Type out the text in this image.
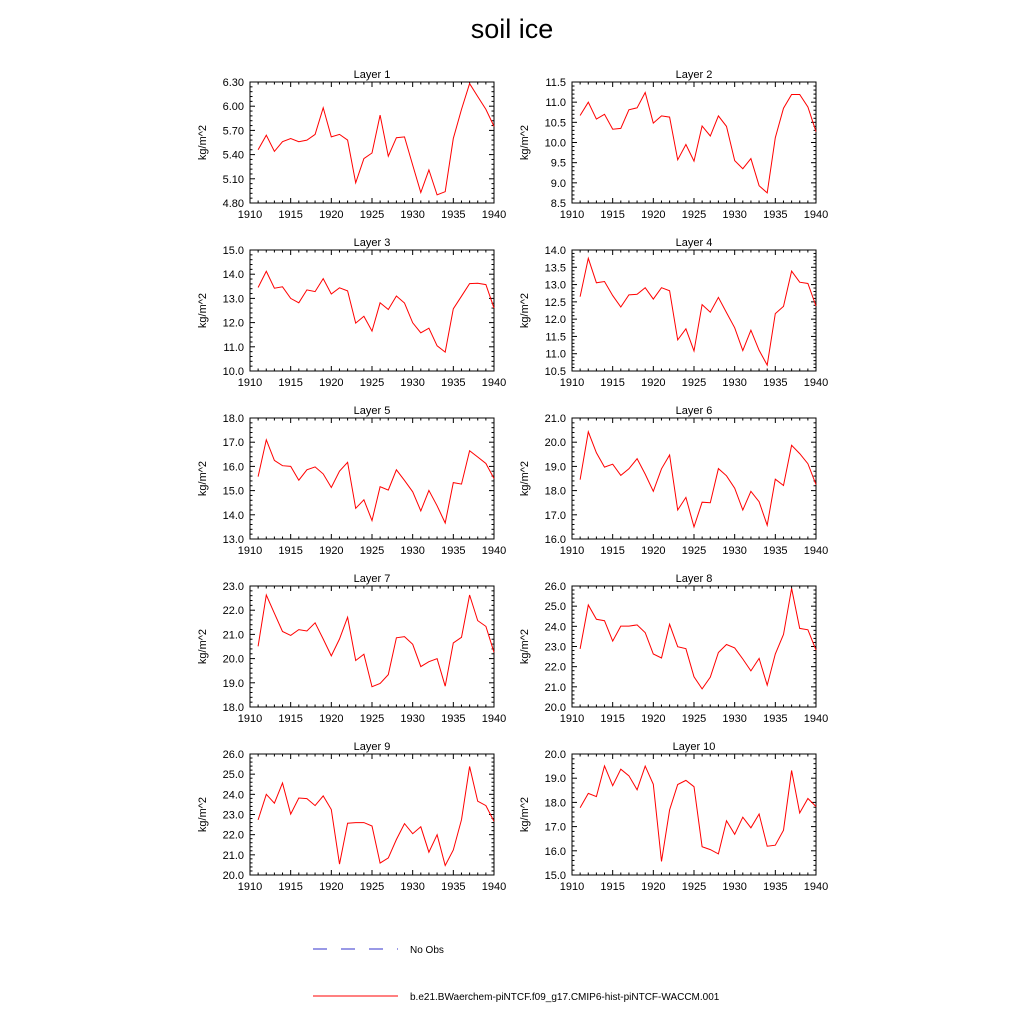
soil ice
Layer 1
kg/m^2
1910 1915 1920 1925 1930 1935 1940
4.80
5.10
5.40
5.70
6.00
6.30
Layer 2
kg/m^2
1910 1915 1920 1925 1930 1935 1940
8.5
9.0
9.5
10.0
10.5
11.0
11.5
Layer 3
kg/m^2
1910 1915 1920 1925 1930 1935 1940
10.0
11.0
12.0
13.0
14.0
15.0
Layer 4
kg/m^2
1910 1915 1920 1925 1930 1935 1940
10.5
11.0
11.5
12.0
12.5
13.0
13.5
14.0
Layer 5
kg/m^2
1910 1915 1920 1925 1930 1935 1940
13.0
14.0
15.0
16.0
17.0
18.0
Layer 6
kg/m^2
1910 1915 1920 1925 1930 1935 1940
16.0
17.0
18.0
19.0
20.0
21.0
Layer 7
kg/m^2
1910 1915 1920 1925 1930 1935 1940
18.0
19.0
20.0
21.0
22.0
23.0
Layer 8
kg/m^2
1910 1915 1920 1925 1930 1935 1940
20.0
21.0
22.0
23.0
24.0
25.0
26.0
Layer 9
kg/m^2
1910 1915 1920 1925 1930 1935 1940
20.0
21.0
22.0
23.0
24.0
25.0
26.0
Layer 10
kg/m^2
1910 1915 1920 1925 1930 1935 1940
15.0
16.0
17.0
18.0
19.0
20.0
No Obs
b.e21.BWaerchem-piNTCF.f09_g17.CMIP6-hist-piNTCF-WACCM.001
